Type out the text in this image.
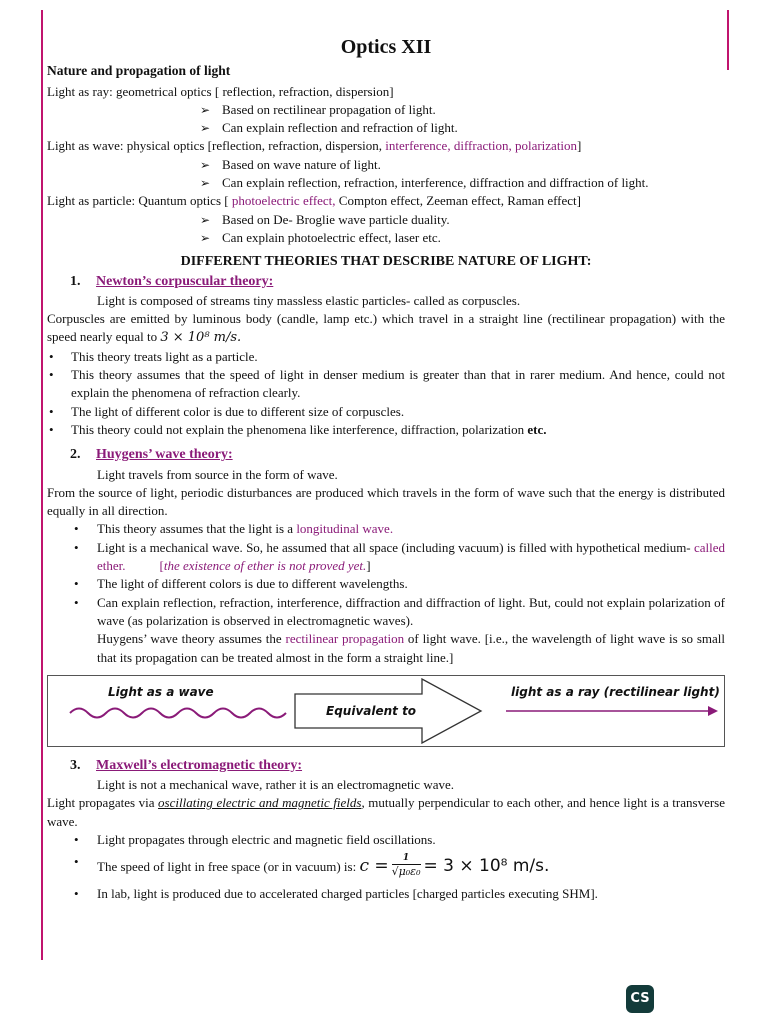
Optics XII
Nature and propagation of light

Light as ray: geometrical optics [ reflection, refraction, dispersion]

➢ Based on rectilinear propagation of light.

➢ Can explain reflection and refraction of light.

Light as wave: physical optics [reflection, refraction, dispersion, interference, diffraction, polarization]

➢ Based on wave nature of light.

➢ Can explain reflection, refraction, interference, diffraction and diffraction of light.

Light as particle: Quantum optics [ photoelectric effect, Compton effect, Zeeman effect, Raman effect]

➢ Based on De- Broglie wave particle duality.

➢ Can explain photoelectric effect, laser etc.

DIFFERENT THEORIES THAT DESCRIBE NATURE OF LIGHT:
1. Newton’s corpuscular theory:

Light is composed of streams tiny massless elastic particles- called as corpuscles.

Corpuscles are emitted by luminous body (candle, lamp etc.) which travel in a straight line (rectilinear propagation) with the speed nearly equal to 3 × 10⁸ m/s.

• This theory treats light as a particle.
• This theory assumes that the speed of light in denser medium is greater than that in rarer medium. And hence, could not explain the phenomena of refraction clearly.
• The light of different color is due to different size of corpuscles.
• This theory could not explain the phenomena like interference, diffraction, polarization etc.
2. Huygens’ wave theory:

Light travels from source in the form of wave.

From the source of light, periodic disturbances are produced which travels in the form of wave such that the energy is distributed equally in all direction.

• This theory assumes that the light is a longitudinal wave.
• Light is a mechanical wave. So, he assumed that all space (including vacuum) is filled with hypothetical medium- called ether.	[the existence of ether is not proved yet.]
• The light of different colors is due to different wavelengths.
• Can explain reflection, refraction, interference, diffraction and diffraction of light. But, could not explain polarization of wave (as polarization is observed in electromagnetic waves).

Huygens’ wave theory assumes the rectilinear propagation of light wave. [i.e., the wavelength of light wave is so small that its propagation can be treated almost in the form a straight line.]

Light as a wave
Equivalent to
light as a ray (rectilinear light)
3. Maxwell’s electromagnetic theory:

Light is not a mechanical wave, rather it is an electromagnetic wave.

Light propagates via oscillating electric and magnetic fields, mutually perpendicular to each other, and hence light is a transverse wave.

• Light propagates through electric and magnetic field oscillations.
• The speed of light in free space (or in vacuum) is: $c = \frac{1}{\text{√μ₀ε₀}} = 3 \times 10^8$ m/s.
• In lab, light is produced due to accelerated charged particles [charged particles executing SHM].
CS
